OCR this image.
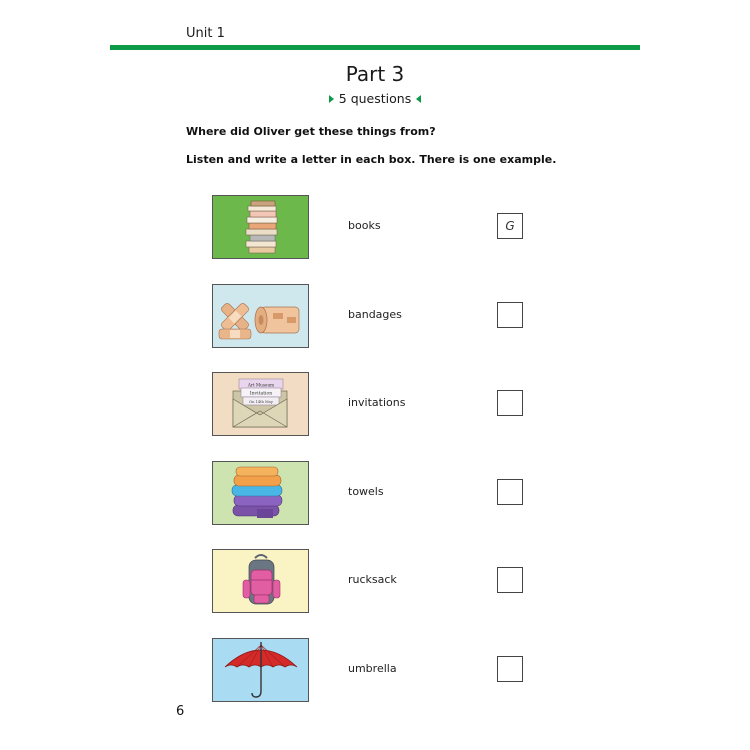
Unit 1
Part 3
5 questions
Where did Oliver get these things from?
Listen and write a letter in each box. There is one example.
books	G
bandages
Art Museum
Invitation
On 14th May	invitations
towels
rucksack
umbrella
6
